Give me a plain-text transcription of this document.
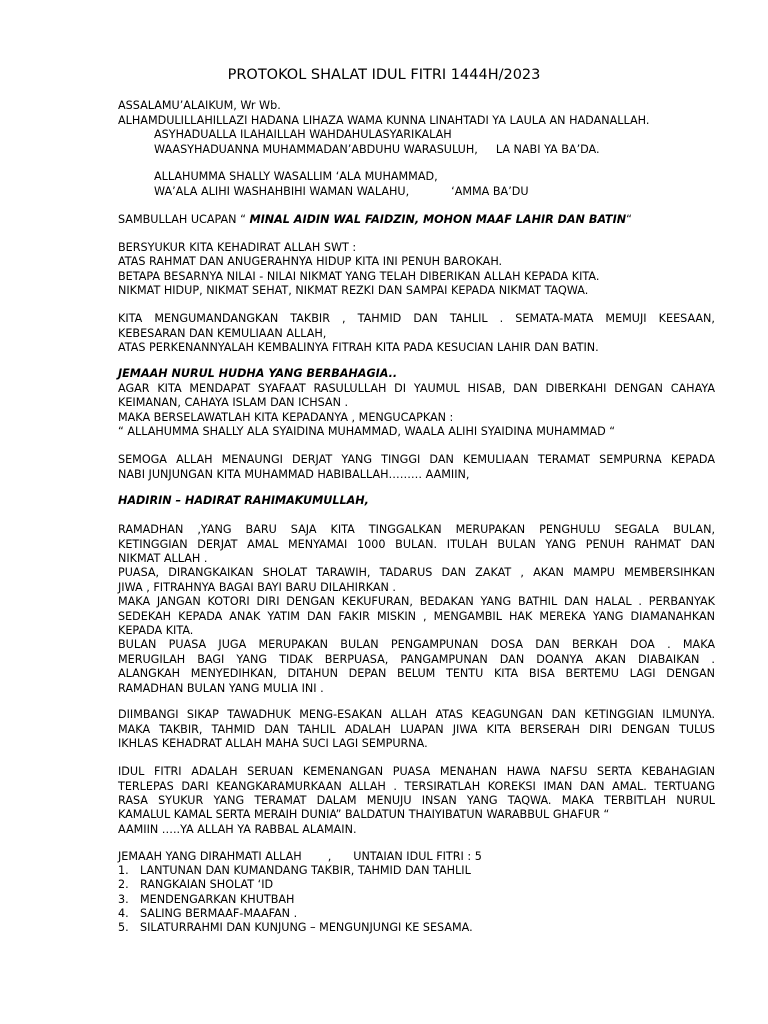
PROTOKOL SHALAT IDUL FITRI 1444H/2023
ASSALAMU’ALAIKUM, Wr Wb.
ALHAMDULILLAHILLAZI HADANA LIHAZA WAMA KUNNA LINAHTADI YA LAULA AN HADANALLAH.
ASYHADUALLA ILAHAILLAH WAHDAHULASYARIKALAH
WAASYHADUANNA MUHAMMADAN’ABDUHU WARASULUH, LA NABI YA BA’DA.
ALLAHUMMA SHALLY WASALLIM ‘ALA MUHAMMAD,
WA’ALA ALIHI WASHAHBIHI WAMAN WALAHU,	‘AMMA BA’DU
SAMBULLAH UCAPAN “ MINAL AIDIN WAL FAIDZIN, MOHON MAAF LAHIR DAN BATIN“
BERSYUKUR KITA KEHADIRAT ALLAH SWT :
ATAS RAHMAT DAN ANUGERAHNYA HIDUP KITA INI PENUH BAROKAH.
BETAPA BESARNYA NILAI - NILAI NIKMAT YANG TELAH DIBERIKAN ALLAH KEPADA KITA.
NIKMAT HIDUP, NIKMAT SEHAT, NIKMAT REZKI DAN SAMPAI KEPADA NIKMAT TAQWA.
KITA MENGUMANDANGKAN TAKBIR , TAHMID DAN TAHLIL . SEMATA-MATA MEMUJI KEESAAN,
KEBESARAN DAN KEMULIAAN ALLAH,
ATAS PERKENANNYALAH KEMBALINYA FITRAH KITA PADA KESUCIAN LAHIR DAN BATIN.
JEMAAH NURUL HUDHA YANG BERBAHAGIA..
AGAR KITA MENDAPAT SYAFAAT RASULULLAH DI YAUMUL HISAB, DAN DIBERKAHI DENGAN CAHAYA
KEIMANAN, CAHAYA ISLAM DAN ICHSAN .
MAKA BERSELAWATLAH KITA KEPADANYA , MENGUCAPKAN :
“ ALLAHUMMA SHALLY ALA SYAIDINA MUHAMMAD, WAALA ALIHI SYAIDINA MUHAMMAD “
SEMOGA ALLAH MENAUNGI DERJAT YANG TINGGI DAN KEMULIAAN TERAMAT SEMPURNA KEPADA
NABI JUNJUNGAN KITA MUHAMMAD HABIBALLAH……… AAMIIN,
HADIRIN – HADIRAT RAHIMAKUMULLAH,
RAMADHAN ,YANG BARU SAJA KITA TINGGALKAN MERUPAKAN PENGHULU SEGALA BULAN,
KETINGGIAN DERJAT AMAL MENYAMAI 1000 BULAN. ITULAH BULAN YANG PENUH RAHMAT DAN
NIKMAT ALLAH .
PUASA, DIRANGKAIKAN SHOLAT TARAWIH, TADARUS DAN ZAKAT , AKAN MAMPU MEMBERSIHKAN
JIWA , FITRAHNYA BAGAI BAYI BARU DILAHIRKAN .
MAKA JANGAN KOTORI DIRI DENGAN KEKUFURAN, BEDAKAN YANG BATHIL DAN HALAL . PERBANYAK
SEDEKAH KEPADA ANAK YATIM DAN FAKIR MISKIN , MENGAMBIL HAK MEREKA YANG DIAMANAHKAN
KEPADA KITA.
BULAN PUASA JUGA MERUPAKAN BULAN PENGAMPUNAN DOSA DAN BERKAH DOA . MAKA
MERUGILAH BAGI YANG TIDAK BERPUASA, PANGAMPUNAN DAN DOANYA AKAN DIABAIKAN .
ALANGKAH MENYEDIHKAN, DITAHUN DEPAN BELUM TENTU KITA BISA BERTEMU LAGI DENGAN
RAMADHAN BULAN YANG MULIA INI .
DIIMBANGI SIKAP TAWADHUK MENG-ESAKAN ALLAH ATAS KEAGUNGAN DAN KETINGGIAN ILMUNYA.
MAKA TAKBIR, TAHMID DAN TAHLIL ADALAH LUAPAN JIWA KITA BERSERAH DIRI DENGAN TULUS
IKHLAS KEHADRAT ALLAH MAHA SUCI LAGI SEMPURNA.
IDUL FITRI ADALAH SERUAN KEMENANGAN PUASA MENAHAN HAWA NAFSU SERTA KEBAHAGIAN
TERLEPAS DARI KEANGKARAMURKAAN ALLAH . TERSIRATLAH KOREKSI IMAN DAN AMAL. TERTUANG
RASA SYUKUR YANG TERAMAT DALAM MENUJU INSAN YANG TAQWA. MAKA TERBITLAH NURUL
KAMALUL KAMAL SERTA MERAIH DUNIA” BALDATUN THAIYIBATUN WARABBUL GHAFUR “
AAMIIN …..YA ALLAH YA RABBAL ALAMAIN.
JEMAAH YANG DIRAHMATI ALLAH , UNTAIAN IDUL FITRI : 5
1. LANTUNAN DAN KUMANDANG TAKBIR, TAHMID DAN TAHLIL
2. RANGKAIAN SHOLAT ‘ID
3. MENDENGARKAN KHUTBAH
4. SALING BERMAAF-MAAFAN .
5. SILATURRAHMI DAN KUNJUNG – MENGUNJUNGI KE SESAMA.
